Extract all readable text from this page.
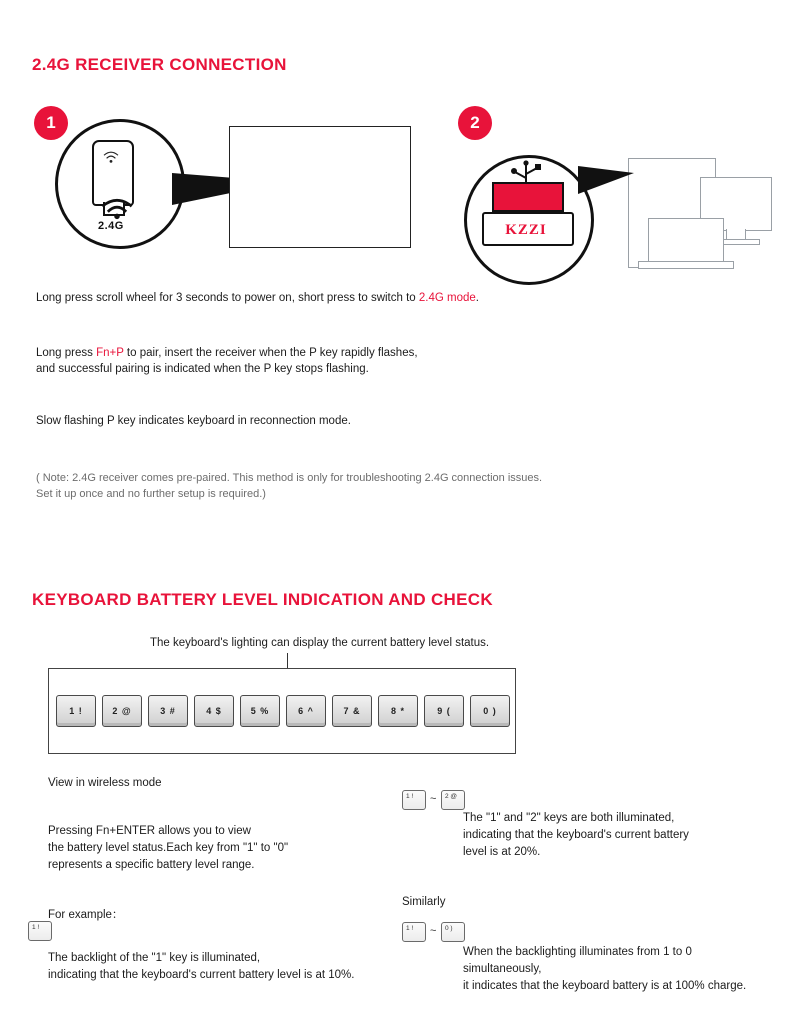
2.4G RECEIVER CONNECTION
1
2.4G
2
KZZI
Long press scroll wheel for 3 seconds to power on, short press to switch to 2.4G mode.
Long press Fn+P to pair, insert the receiver when the P key rapidly flashes,
and successful pairing is indicated when the P key stops flashing.
Slow flashing P key indicates keyboard in reconnection mode.
( Note: 2.4G receiver comes pre-paired. This method is only for troubleshooting 2.4G connection issues.
Set it up once and no further setup is required.)
KEYBOARD BATTERY LEVEL INDICATION AND CHECK
The keyboard's lighting can display the current battery level status.
1 !	2 @	3 #	4 $	5 %	6 ^	7 &	8 *	9 (	0 )
View in wireless mode
Pressing Fn+ENTER allows you to view
the battery level status.Each key from "1" to "0"
represents a specific battery level range.
For example：
1 !
The backlight of the "1" key is illuminated,
indicating that the keyboard's current battery level is at 10%.
1 !	~	2 @
The "1" and "2" keys are both illuminated,
indicating that the keyboard's current battery
level is at 20%.
Similarly
1 !	~	0 )
When the backlighting illuminates from 1 to 0 simultaneously,
it indicates that the keyboard battery is at 100% charge.
